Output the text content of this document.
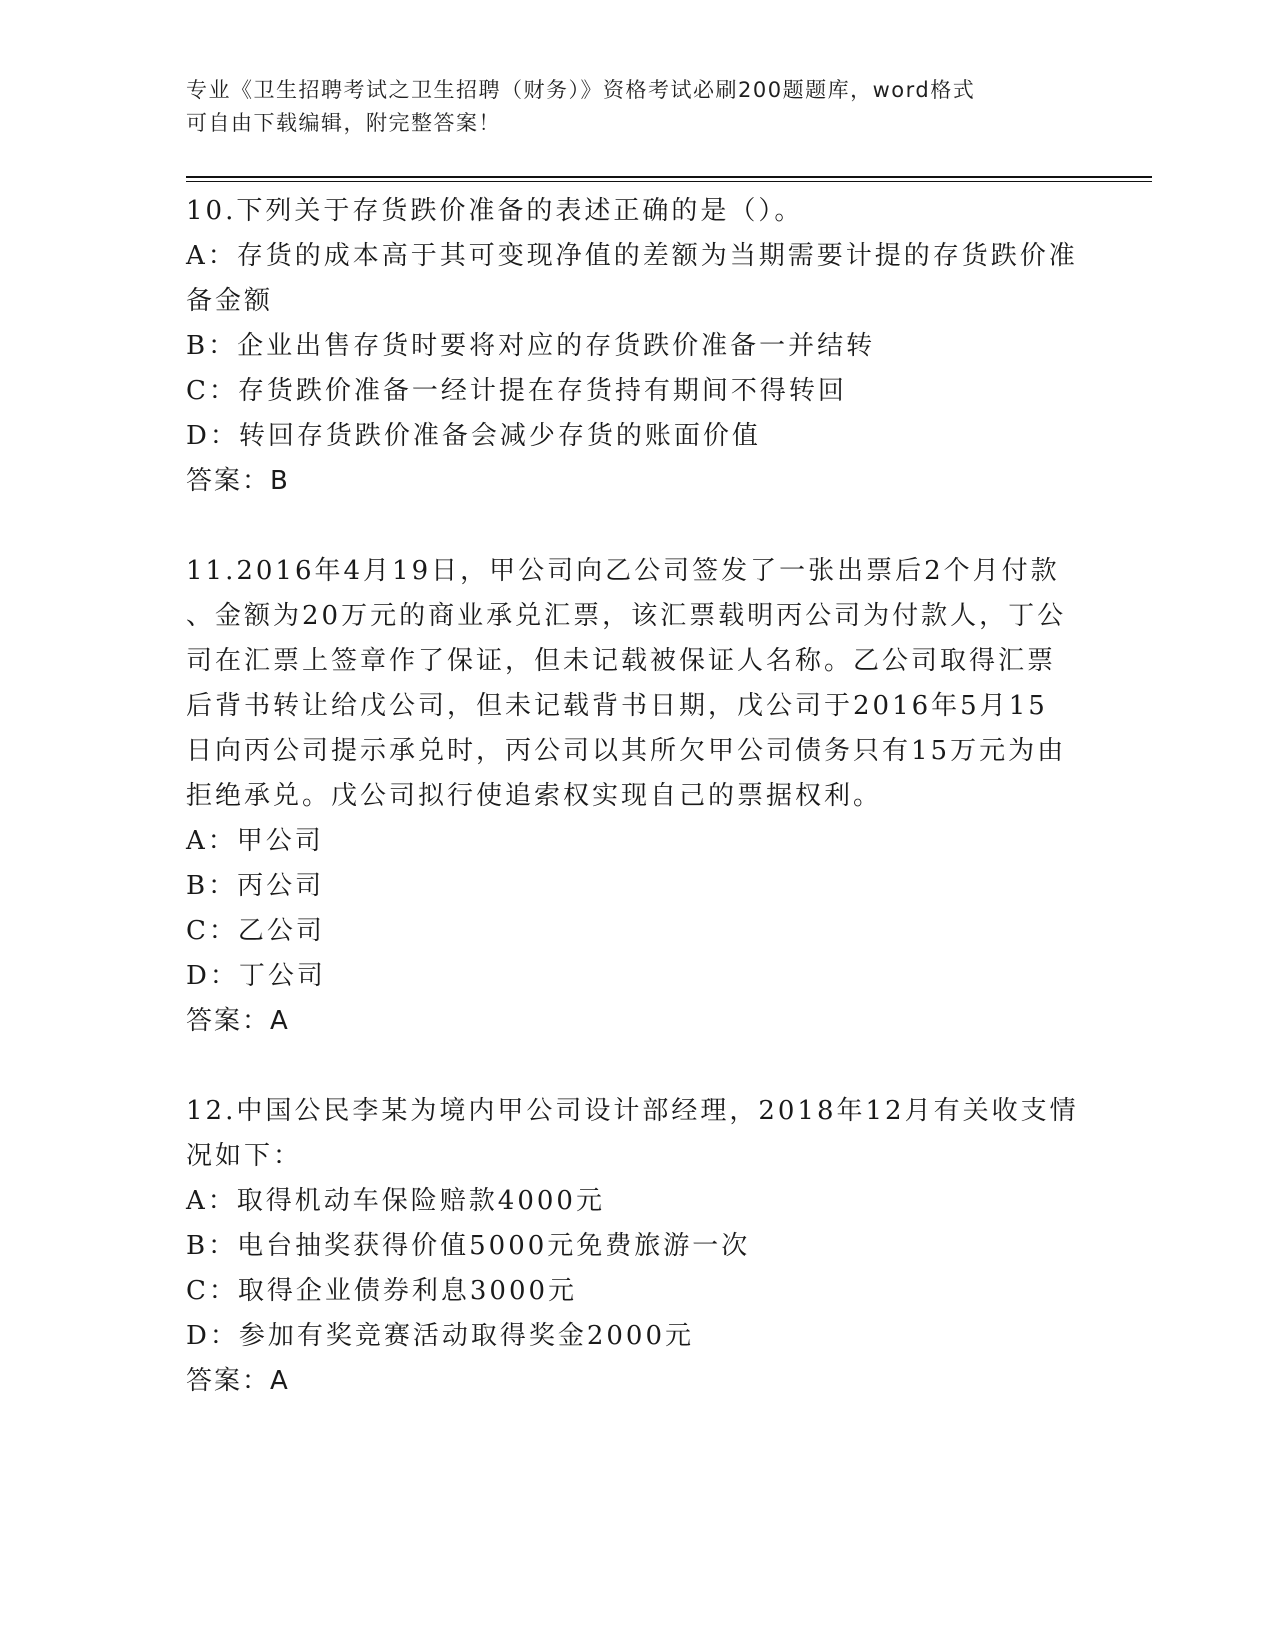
专业《卫生招聘考试之卫生招聘（财务）》资格考试必刷200题题库，word格式
可自由下载编辑，附完整答案！
10.下列关于存货跌价准备的表述正确的是（）。
A：存货的成本高于其可变现净值的差额为当期需要计提的存货跌价准
备金额
B：企业出售存货时要将对应的存货跌价准备一并结转
C：存货跌价准备一经计提在存货持有期间不得转回
D：转回存货跌价准备会减少存货的账面价值
答案：B
11.2016年4月19日，甲公司向乙公司签发了一张出票后2个月付款
、金额为20万元的商业承兑汇票，该汇票载明丙公司为付款人，丁公
司在汇票上签章作了保证，但未记载被保证人名称。乙公司取得汇票
后背书转让给戊公司，但未记载背书日期，戊公司于2016年5月15
日向丙公司提示承兑时，丙公司以其所欠甲公司债务只有15万元为由
拒绝承兑。戊公司拟行使追索权实现自己的票据权利。
A：甲公司
B：丙公司
C：乙公司
D：丁公司
答案：A
12.中国公民李某为境内甲公司设计部经理，2018年12月有关收支情
况如下：
A：取得机动车保险赔款4000元
B：电台抽奖获得价值5000元免费旅游一次
C：取得企业债券利息3000元
D：参加有奖竞赛活动取得奖金2000元
答案：A
